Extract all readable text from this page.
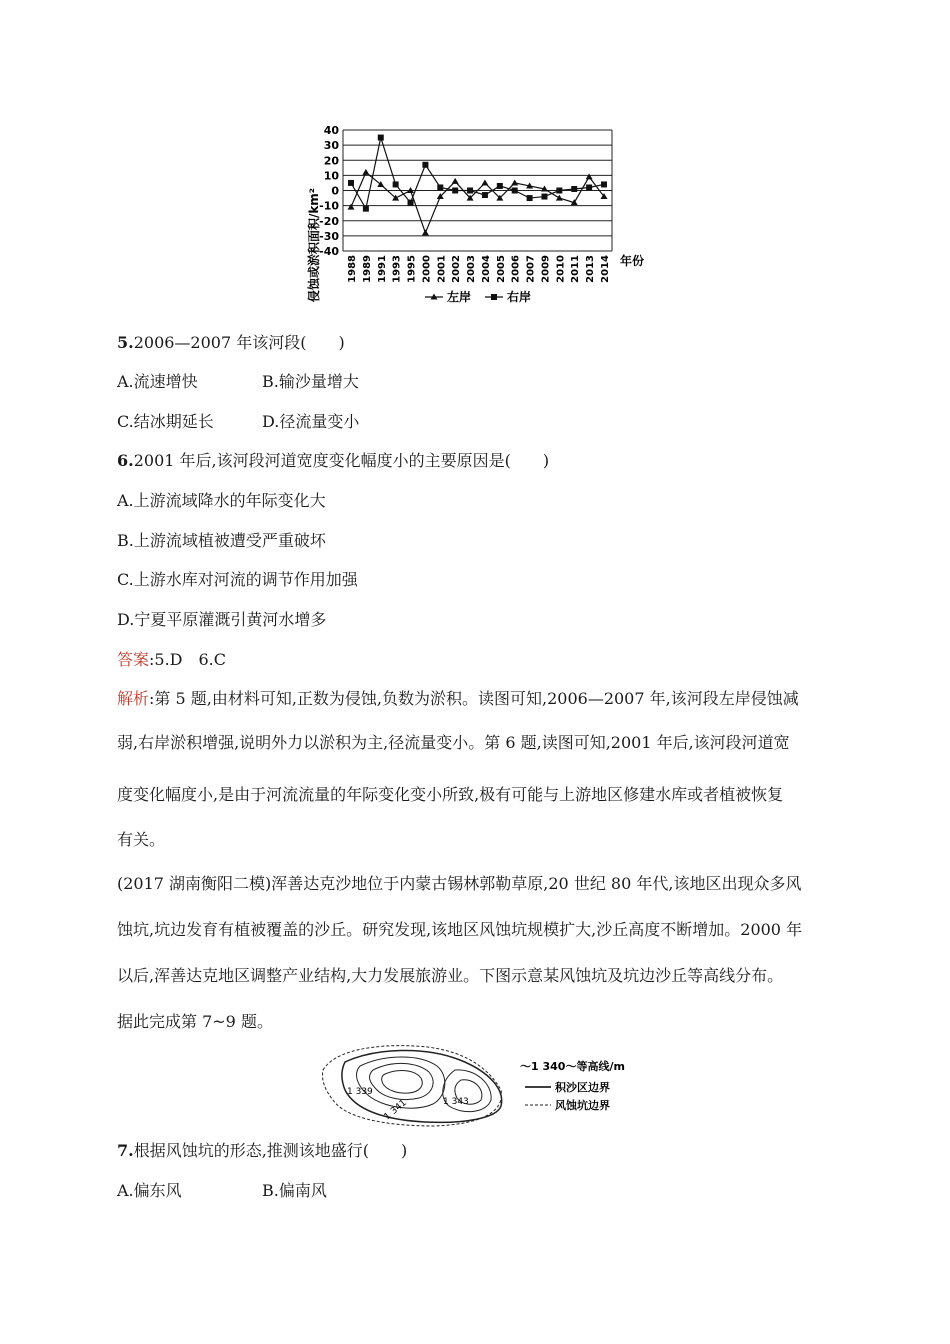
侵蚀或淤积面积/km²	年份
40
30
20
10
0
-10
-20
-30
-40
1988 1989 1991 1993 1995 2000 2001 2002 2003 2004 2005 2006 2007 2009 2010 2011 2013 2014
左岸	右岸
5.2006—2007 年该河段(　　)
A.流速增快	B.输沙量增大
C.结冰期延长	D.径流量变小
6.2001 年后,该河段河道宽度变化幅度小的主要原因是(　　)
A.上游流域降水的年际变化大
B.上游流域植被遭受严重破坏
C.上游水库对河流的调节作用加强
D.宁夏平原灌溉引黄河水增多
答案:5.D　6.C
解析:第 5 题,由材料可知,正数为侵蚀,负数为淤积。读图可知,2006—2007 年,该河段左岸侵蚀减
弱,右岸淤积增强,说明外力以淤积为主,径流量变小。第 6 题,读图可知,2001 年后,该河段河道宽
度变化幅度小,是由于河流流量的年际变化变小所致,极有可能与上游地区修建水库或者植被恢复
有关。
(2017 湖南衡阳二模)浑善达克沙地位于内蒙古锡林郭勒草原,20 世纪 80 年代,该地区出现众多风
蚀坑,坑边发育有植被覆盖的沙丘。研究发现,该地区风蚀坑规模扩大,沙丘高度不断增加。2000 年
以后,浑善达克地区调整产业结构,大力发展旅游业。下图示意某风蚀坑及坑边沙丘等高线分布。
据此完成第 7~9 题。
1 339
1 343
1 341
～1 340～等高线/m
积沙区边界
风蚀坑边界
7.根据风蚀坑的形态,推测该地盛行(　　)
A.偏东风	B.偏南风
